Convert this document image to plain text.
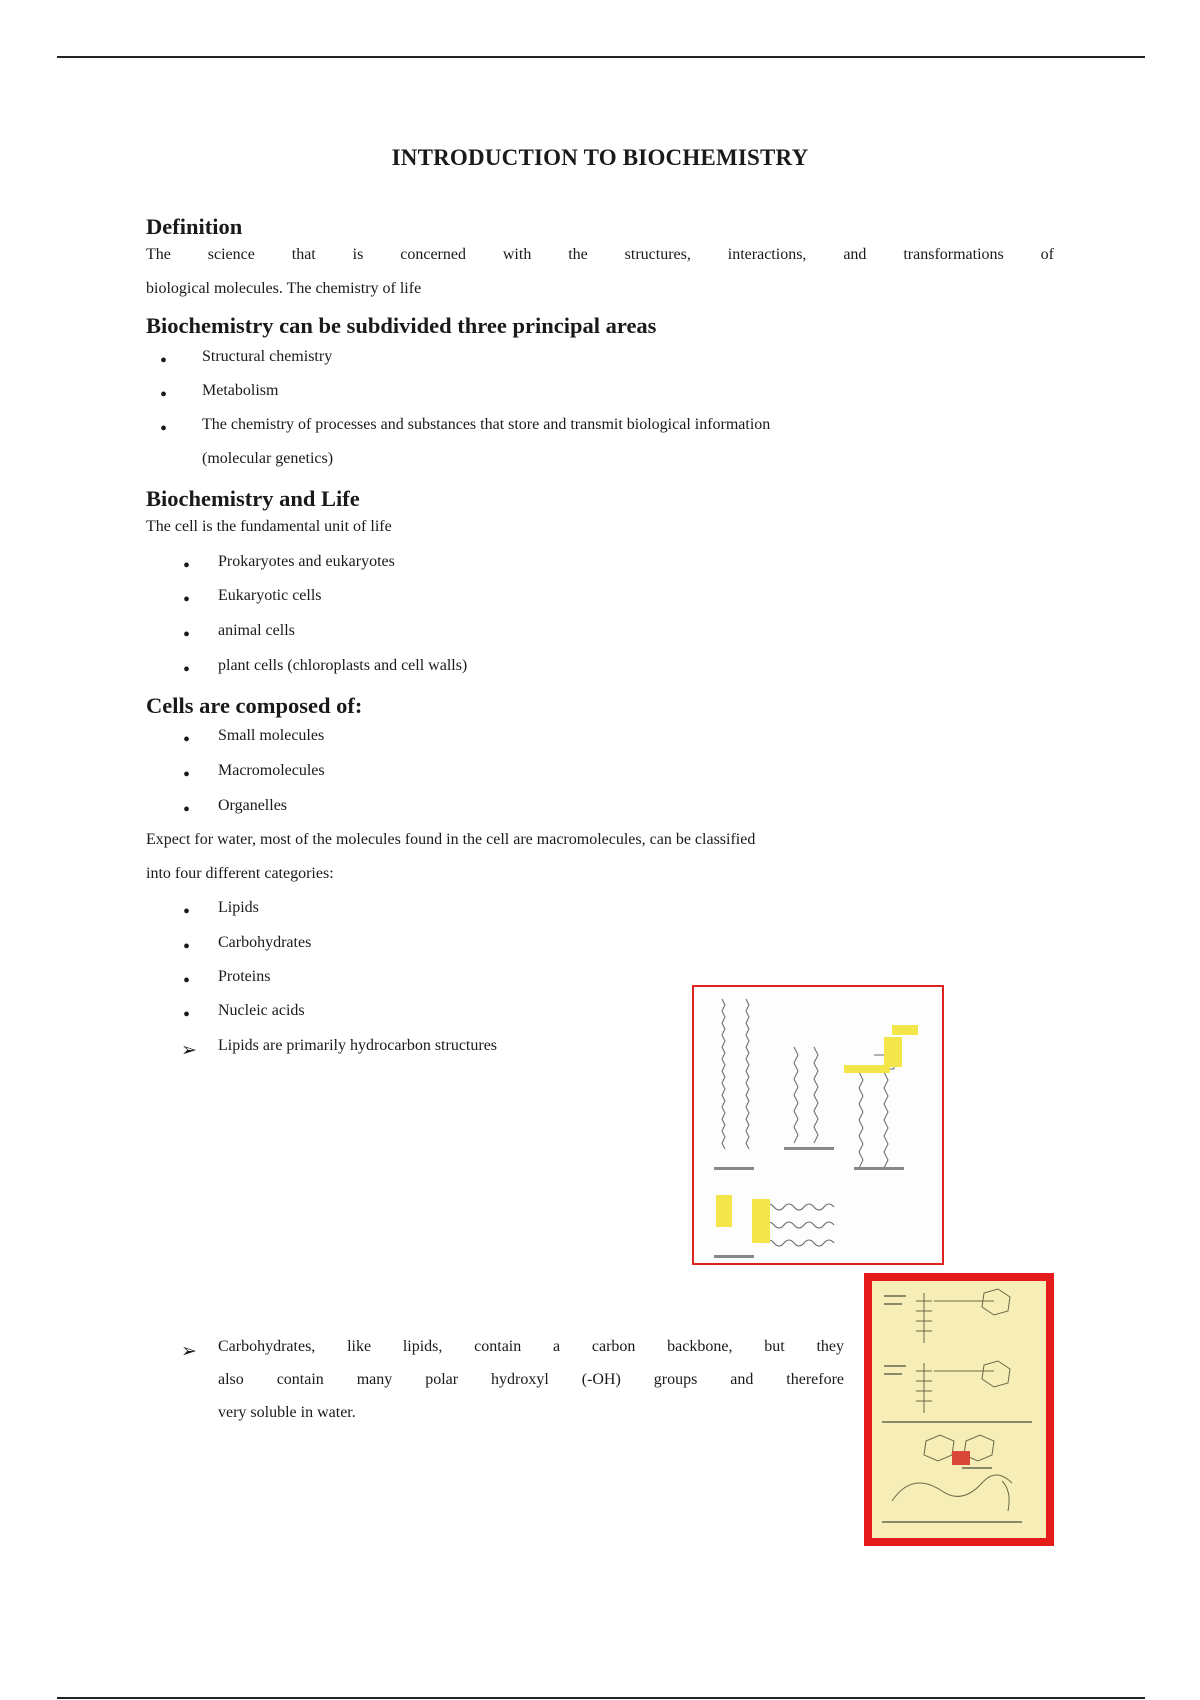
INTRODUCTION TO BIOCHEMISTRY
Definition
The science that is concerned with the structures, interactions, and transformations of
biological molecules. The chemistry of life
Biochemistry can be subdivided three principal areas
• Structural chemistry
• Metabolism
• The chemistry of processes and substances that store and transmit biological information
(molecular genetics)
Biochemistry and Life
The cell is the fundamental unit of life
• Prokaryotes and eukaryotes
• Eukaryotic cells
• animal cells
• plant cells (chloroplasts and cell walls)
Cells are composed of:
• Small molecules
• Macromolecules
• Organelles
Expect for water, most of the molecules found in the cell are macromolecules, can be classified
into four different categories:
• Lipids
• Carbohydrates
• Proteins
• Nucleic acids
➢ Lipids are primarily hydrocarbon structures
➢ Carbohydrates, like lipids, contain a carbon backbone, but they
also contain many polar hydroxyl (-OH) groups and therefore
very soluble in water.
